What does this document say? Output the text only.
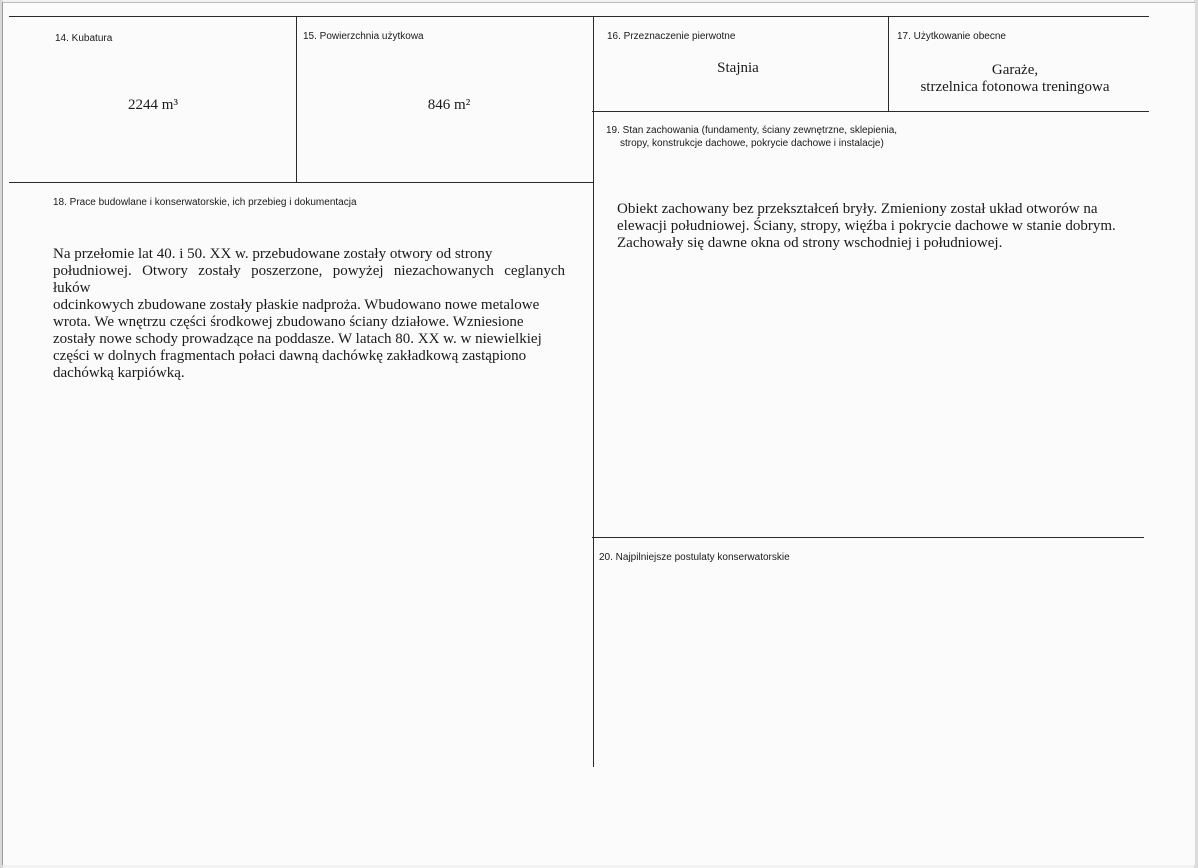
14. Kubatura
2244 m³
15. Powierzchnia użytkowa
846 m²
16. Przeznaczenie pierwotne
Stajnia
17. Użytkowanie obecne
Garaże,
strzelnica fotonowa treningowa
18. Prace budowlane i konserwatorskie, ich przebieg i dokumentacja
Na przełomie lat 40. i 50. XX w. przebudowane zostały otwory od strony
południowej. Otwory zostały poszerzone, powyżej niezachowanych ceglanych łuków
odcinkowych zbudowane zostały płaskie nadproża. Wbudowano nowe metalowe
wrota. We wnętrzu części środkowej zbudowano ściany działowe. Wzniesione
zostały nowe schody prowadzące na poddasze. W latach 80. XX w. w niewielkiej
części w dolnych fragmentach połaci dawną dachówkę zakładkową zastąpiono
dachówką karpiówką.
19. Stan zachowania (fundamenty, ściany zewnętrzne, sklepienia,
stropy, konstrukcje dachowe, pokrycie dachowe i instalacje)
Obiekt zachowany bez przekształceń bryły. Zmieniony został układ otworów na
elewacji południowej. Ściany, stropy, więźba i pokrycie dachowe w stanie dobrym.
Zachowały się dawne okna od strony wschodniej i południowej.
20. Najpilniejsze postulaty konserwatorskie
